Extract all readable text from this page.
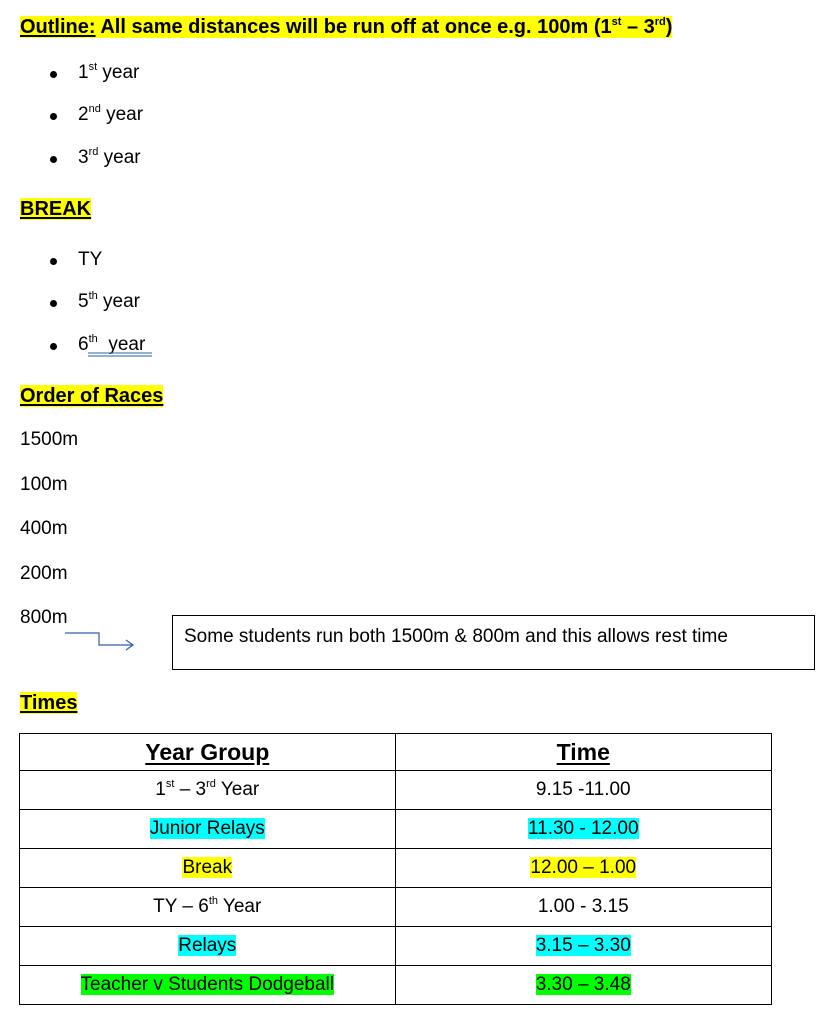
Outline: All same distances will be run off at once e.g. 100m (1st – 3rd)
1st year
2nd year
3rd year
BREAK
TY
5th year
6th  year
Order of Races
1500m
100m
400m
200m
800m
Some students run both 1500m & 800m and this allows rest time
Times
Year Group	Time
1st – 3rd Year	9.15 -11.00
Junior Relays	11.30 - 12.00
Break	12.00 – 1.00
TY – 6th Year	1.00 - 3.15
Relays	3.15 – 3.30
Teacher v Students Dodgeball	3.30 – 3.48
